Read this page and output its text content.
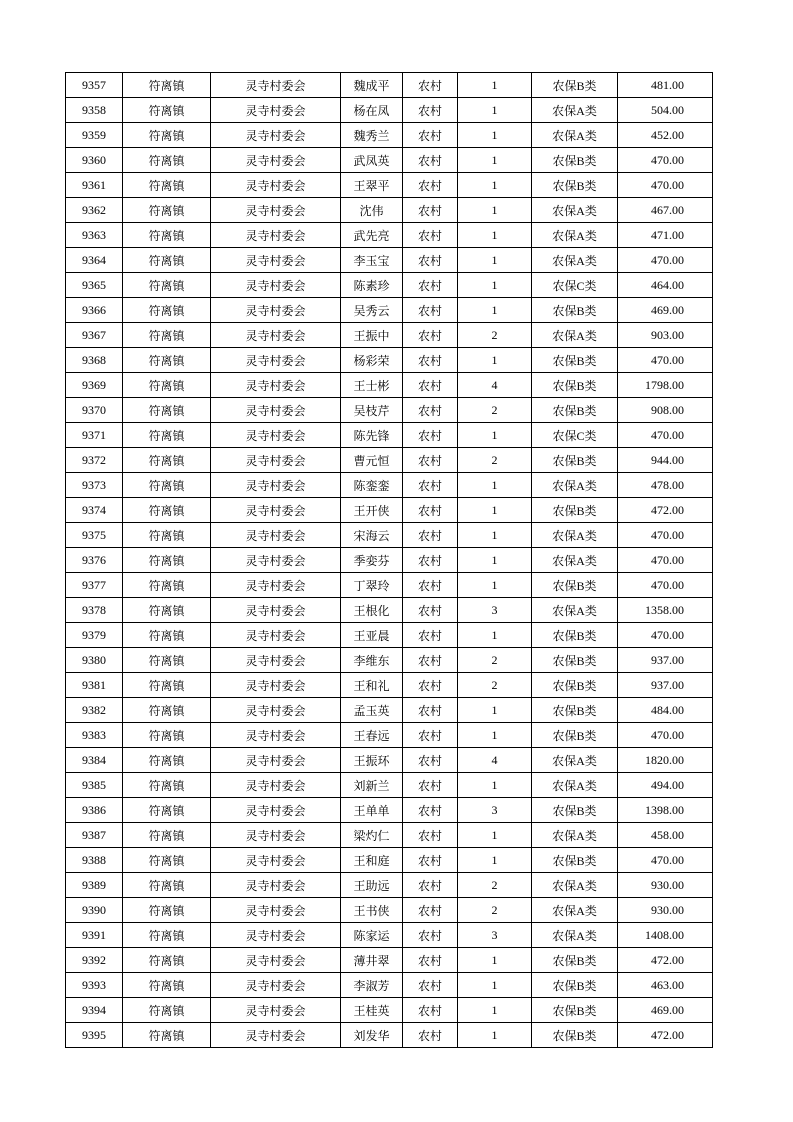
9357	符离镇	灵寺村委会	魏成平	农村	1	农保B类	481.00
9358	符离镇	灵寺村委会	杨在凤	农村	1	农保A类	504.00
9359	符离镇	灵寺村委会	魏秀兰	农村	1	农保A类	452.00
9360	符离镇	灵寺村委会	武凤英	农村	1	农保B类	470.00
9361	符离镇	灵寺村委会	王翠平	农村	1	农保B类	470.00
9362	符离镇	灵寺村委会	沈伟	农村	1	农保A类	467.00
9363	符离镇	灵寺村委会	武先亮	农村	1	农保A类	471.00
9364	符离镇	灵寺村委会	李玉宝	农村	1	农保A类	470.00
9365	符离镇	灵寺村委会	陈素珍	农村	1	农保C类	464.00
9366	符离镇	灵寺村委会	吴秀云	农村	1	农保B类	469.00
9367	符离镇	灵寺村委会	王振中	农村	2	农保A类	903.00
9368	符离镇	灵寺村委会	杨彩荣	农村	1	农保B类	470.00
9369	符离镇	灵寺村委会	王士彬	农村	4	农保B类	1798.00
9370	符离镇	灵寺村委会	吴枝芹	农村	2	农保B类	908.00
9371	符离镇	灵寺村委会	陈先锋	农村	1	农保C类	470.00
9372	符离镇	灵寺村委会	曹元恒	农村	2	农保B类	944.00
9373	符离镇	灵寺村委会	陈銮銮	农村	1	农保A类	478.00
9374	符离镇	灵寺村委会	王开侠	农村	1	农保B类	472.00
9375	符离镇	灵寺村委会	宋海云	农村	1	农保A类	470.00
9376	符离镇	灵寺村委会	季娈芬	农村	1	农保A类	470.00
9377	符离镇	灵寺村委会	丁翠玲	农村	1	农保B类	470.00
9378	符离镇	灵寺村委会	王根化	农村	3	农保A类	1358.00
9379	符离镇	灵寺村委会	王亚晨	农村	1	农保B类	470.00
9380	符离镇	灵寺村委会	李维东	农村	2	农保B类	937.00
9381	符离镇	灵寺村委会	王和礼	农村	2	农保B类	937.00
9382	符离镇	灵寺村委会	孟玉英	农村	1	农保B类	484.00
9383	符离镇	灵寺村委会	王春远	农村	1	农保B类	470.00
9384	符离镇	灵寺村委会	王振环	农村	4	农保A类	1820.00
9385	符离镇	灵寺村委会	刘新兰	农村	1	农保A类	494.00
9386	符离镇	灵寺村委会	王单单	农村	3	农保B类	1398.00
9387	符离镇	灵寺村委会	梁灼仁	农村	1	农保A类	458.00
9388	符离镇	灵寺村委会	王和庭	农村	1	农保B类	470.00
9389	符离镇	灵寺村委会	王助远	农村	2	农保A类	930.00
9390	符离镇	灵寺村委会	王书侠	农村	2	农保A类	930.00
9391	符离镇	灵寺村委会	陈家运	农村	3	农保A类	1408.00
9392	符离镇	灵寺村委会	薄井翠	农村	1	农保B类	472.00
9393	符离镇	灵寺村委会	李淑芳	农村	1	农保B类	463.00
9394	符离镇	灵寺村委会	王桂英	农村	1	农保B类	469.00
9395	符离镇	灵寺村委会	刘发华	农村	1	农保B类	472.00
